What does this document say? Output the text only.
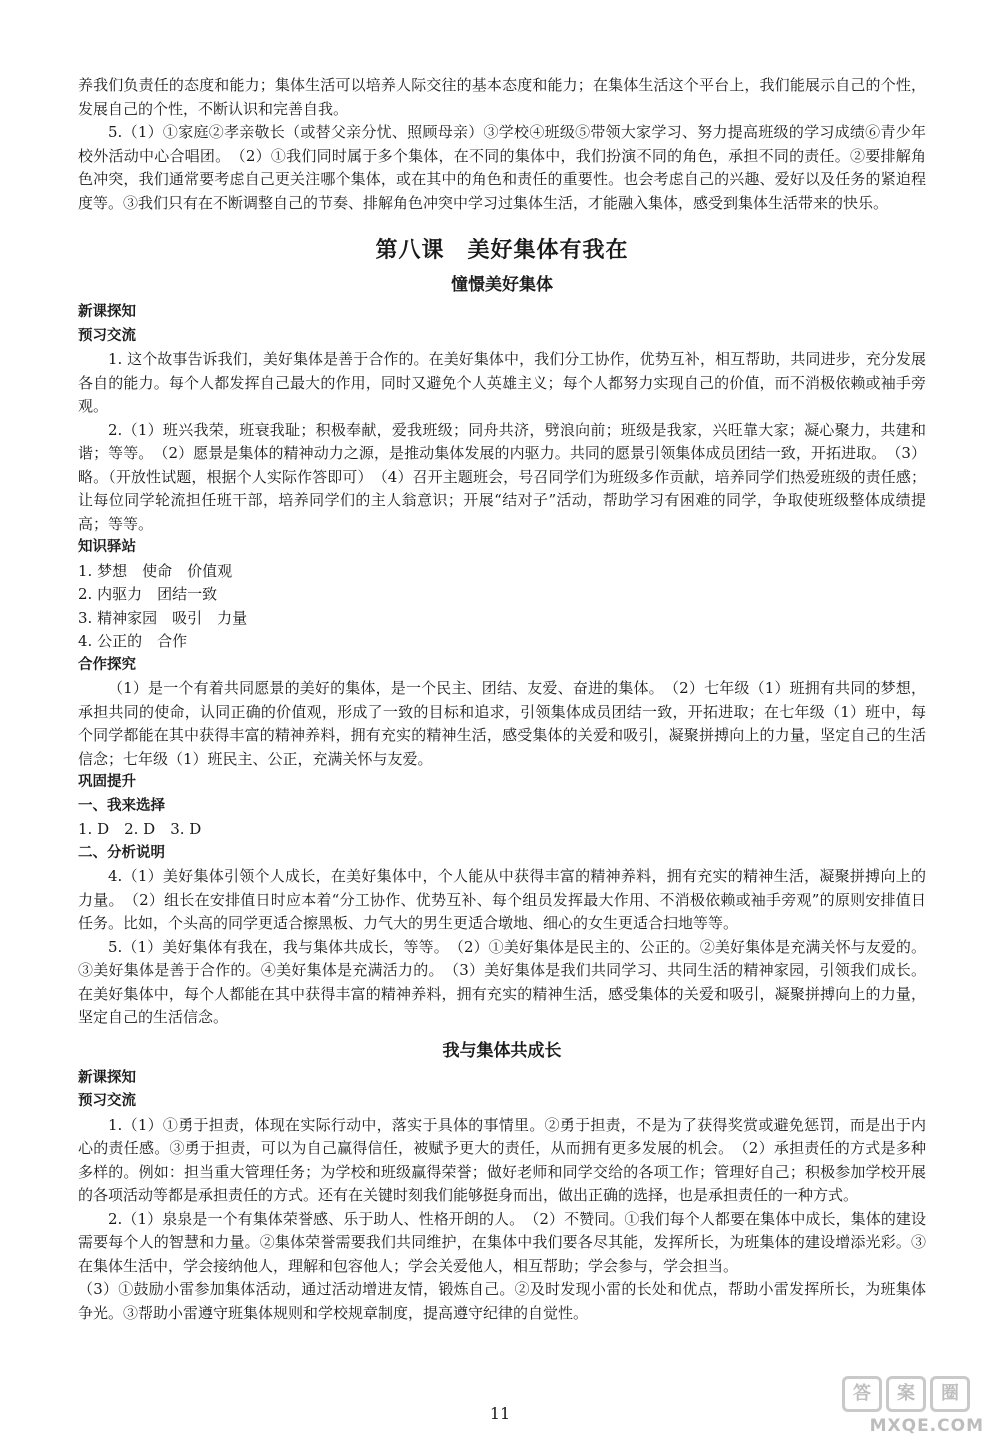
养我们负责任的态度和能力；集体生活可以培养人际交往的基本态度和能力；在集体生活这个平台上，我们能展示自己的个性，发展自己的个性，不断认识和完善自我。

5.（1）①家庭②孝亲敬长（或替父亲分忧、照顾母亲）③学校④班级⑤带领大家学习、努力提高班级的学习成绩⑥青少年校外活动中心合唱团。　（2）①我们同时属于多个集体，在不同的集体中，我们扮演不同的角色，承担不同的责任。②要排解角色冲突，我们通常要考虑自己更关注哪个集体，或在其中的角色和责任的重要性。也会考虑自己的兴趣、爱好以及任务的紧迫程度等。③我们只有在不断调整自己的节奏、排解角色冲突中学习过集体生活，才能融入集体，感受到集体生活带来的快乐。

第八课　美好集体有我在
憧憬美好集体
新课探知
预习交流

1. 这个故事告诉我们，美好集体是善于合作的。在美好集体中，我们分工协作，优势互补，相互帮助，共同进步，充分发展各自的能力。每个人都发挥自己最大的作用，同时又避免个人英雄主义；每个人都努力实现自己的价值，而不消极依赖或袖手旁观。

2.（1）班兴我荣，班衰我耻；积极奉献，爱我班级；同舟共济，劈浪向前；班级是我家，兴旺靠大家；凝心聚力，共建和谐；等等。　（2）愿景是集体的精神动力之源，是推动集体发展的内驱力。共同的愿景引领集体成员团结一致，开拓进取。　（3）略。（开放性试题，根据个人实际作答即可）　（4）召开主题班会，号召同学们为班级多作贡献，培养同学们热爱班级的责任感；让每位同学轮流担任班干部，培养同学们的主人翁意识；开展“结对子”活动，帮助学习有困难的同学，争取使班级整体成绩提高；等等。

知识驿站
1. 梦想　使命　价值观
2. 内驱力　团结一致
3. 精神家园　吸引　力量
4. 公正的　合作
合作探究

（1）是一个有着共同愿景的美好的集体，是一个民主、团结、友爱、奋进的集体。　（2）七年级（1）班拥有共同的梦想，承担共同的使命，认同正确的价值观，形成了一致的目标和追求，引领集体成员团结一致，开拓进取；在七年级（1）班中，每个同学都能在其中获得丰富的精神养料，拥有充实的精神生活，感受集体的关爱和吸引，凝聚拼搏向上的力量，坚定自己的生活信念；七年级（1）班民主、公正，充满关怀与友爱。

巩固提升
一、我来选择
1. D　2. D　3. D
二、分析说明

4.（1）美好集体引领个人成长，在美好集体中，个人能从中获得丰富的精神养料，拥有充实的精神生活，凝聚拼搏向上的力量。　（2）组长在安排值日时应本着“分工协作、优势互补、每个组员发挥最大作用、不消极依赖或袖手旁观”的原则安排值日任务。比如，个头高的同学更适合擦黑板、力气大的男生更适合墩地、细心的女生更适合扫地等等。

5.（1）美好集体有我在，我与集体共成长，等等。　（2）①美好集体是民主的、公正的。②美好集体是充满关怀与友爱的。③美好集体是善于合作的。④美好集体是充满活力的。　（3）美好集体是我们共同学习、共同生活的精神家园，引领我们成长。在美好集体中，每个人都能在其中获得丰富的精神养料，拥有充实的精神生活，感受集体的关爱和吸引，凝聚拼搏向上的力量，坚定自己的生活信念。

我与集体共成长
新课探知
预习交流

1.（1）①勇于担责，体现在实际行动中，落实于具体的事情里。②勇于担责，不是为了获得奖赏或避免惩罚，而是出于内心的责任感。③勇于担责，可以为自己赢得信任，被赋予更大的责任，从而拥有更多发展的机会。　（2）承担责任的方式是多种多样的。例如：担当重大管理任务；为学校和班级赢得荣誉；做好老师和同学交给的各项工作；管理好自己；积极参加学校开展的各项活动等都是承担责任的方式。还有在关键时刻我们能够挺身而出，做出正确的选择，也是承担责任的一种方式。

2.（1）泉泉是一个有集体荣誉感、乐于助人、性格开朗的人。　（2）不赞同。①我们每个人都要在集体中成长，集体的建设需要每个人的智慧和力量。②集体荣誉需要我们共同维护，在集体中我们要各尽其能，发挥所长，为班集体的建设增添光彩。③在集体生活中，学会接纳他人，理解和包容他人；学会关爱他人，相互帮助；学会参与，学会担当。

（3）①鼓励小雷参加集体活动，通过活动增进友情，锻炼自己。②及时发现小雷的长处和优点，帮助小雷发挥所长，为班集体争光。③帮助小雷遵守班集体规则和学校规章制度，提高遵守纪律的自觉性。

11
答	案	圈
MXQE.COM
